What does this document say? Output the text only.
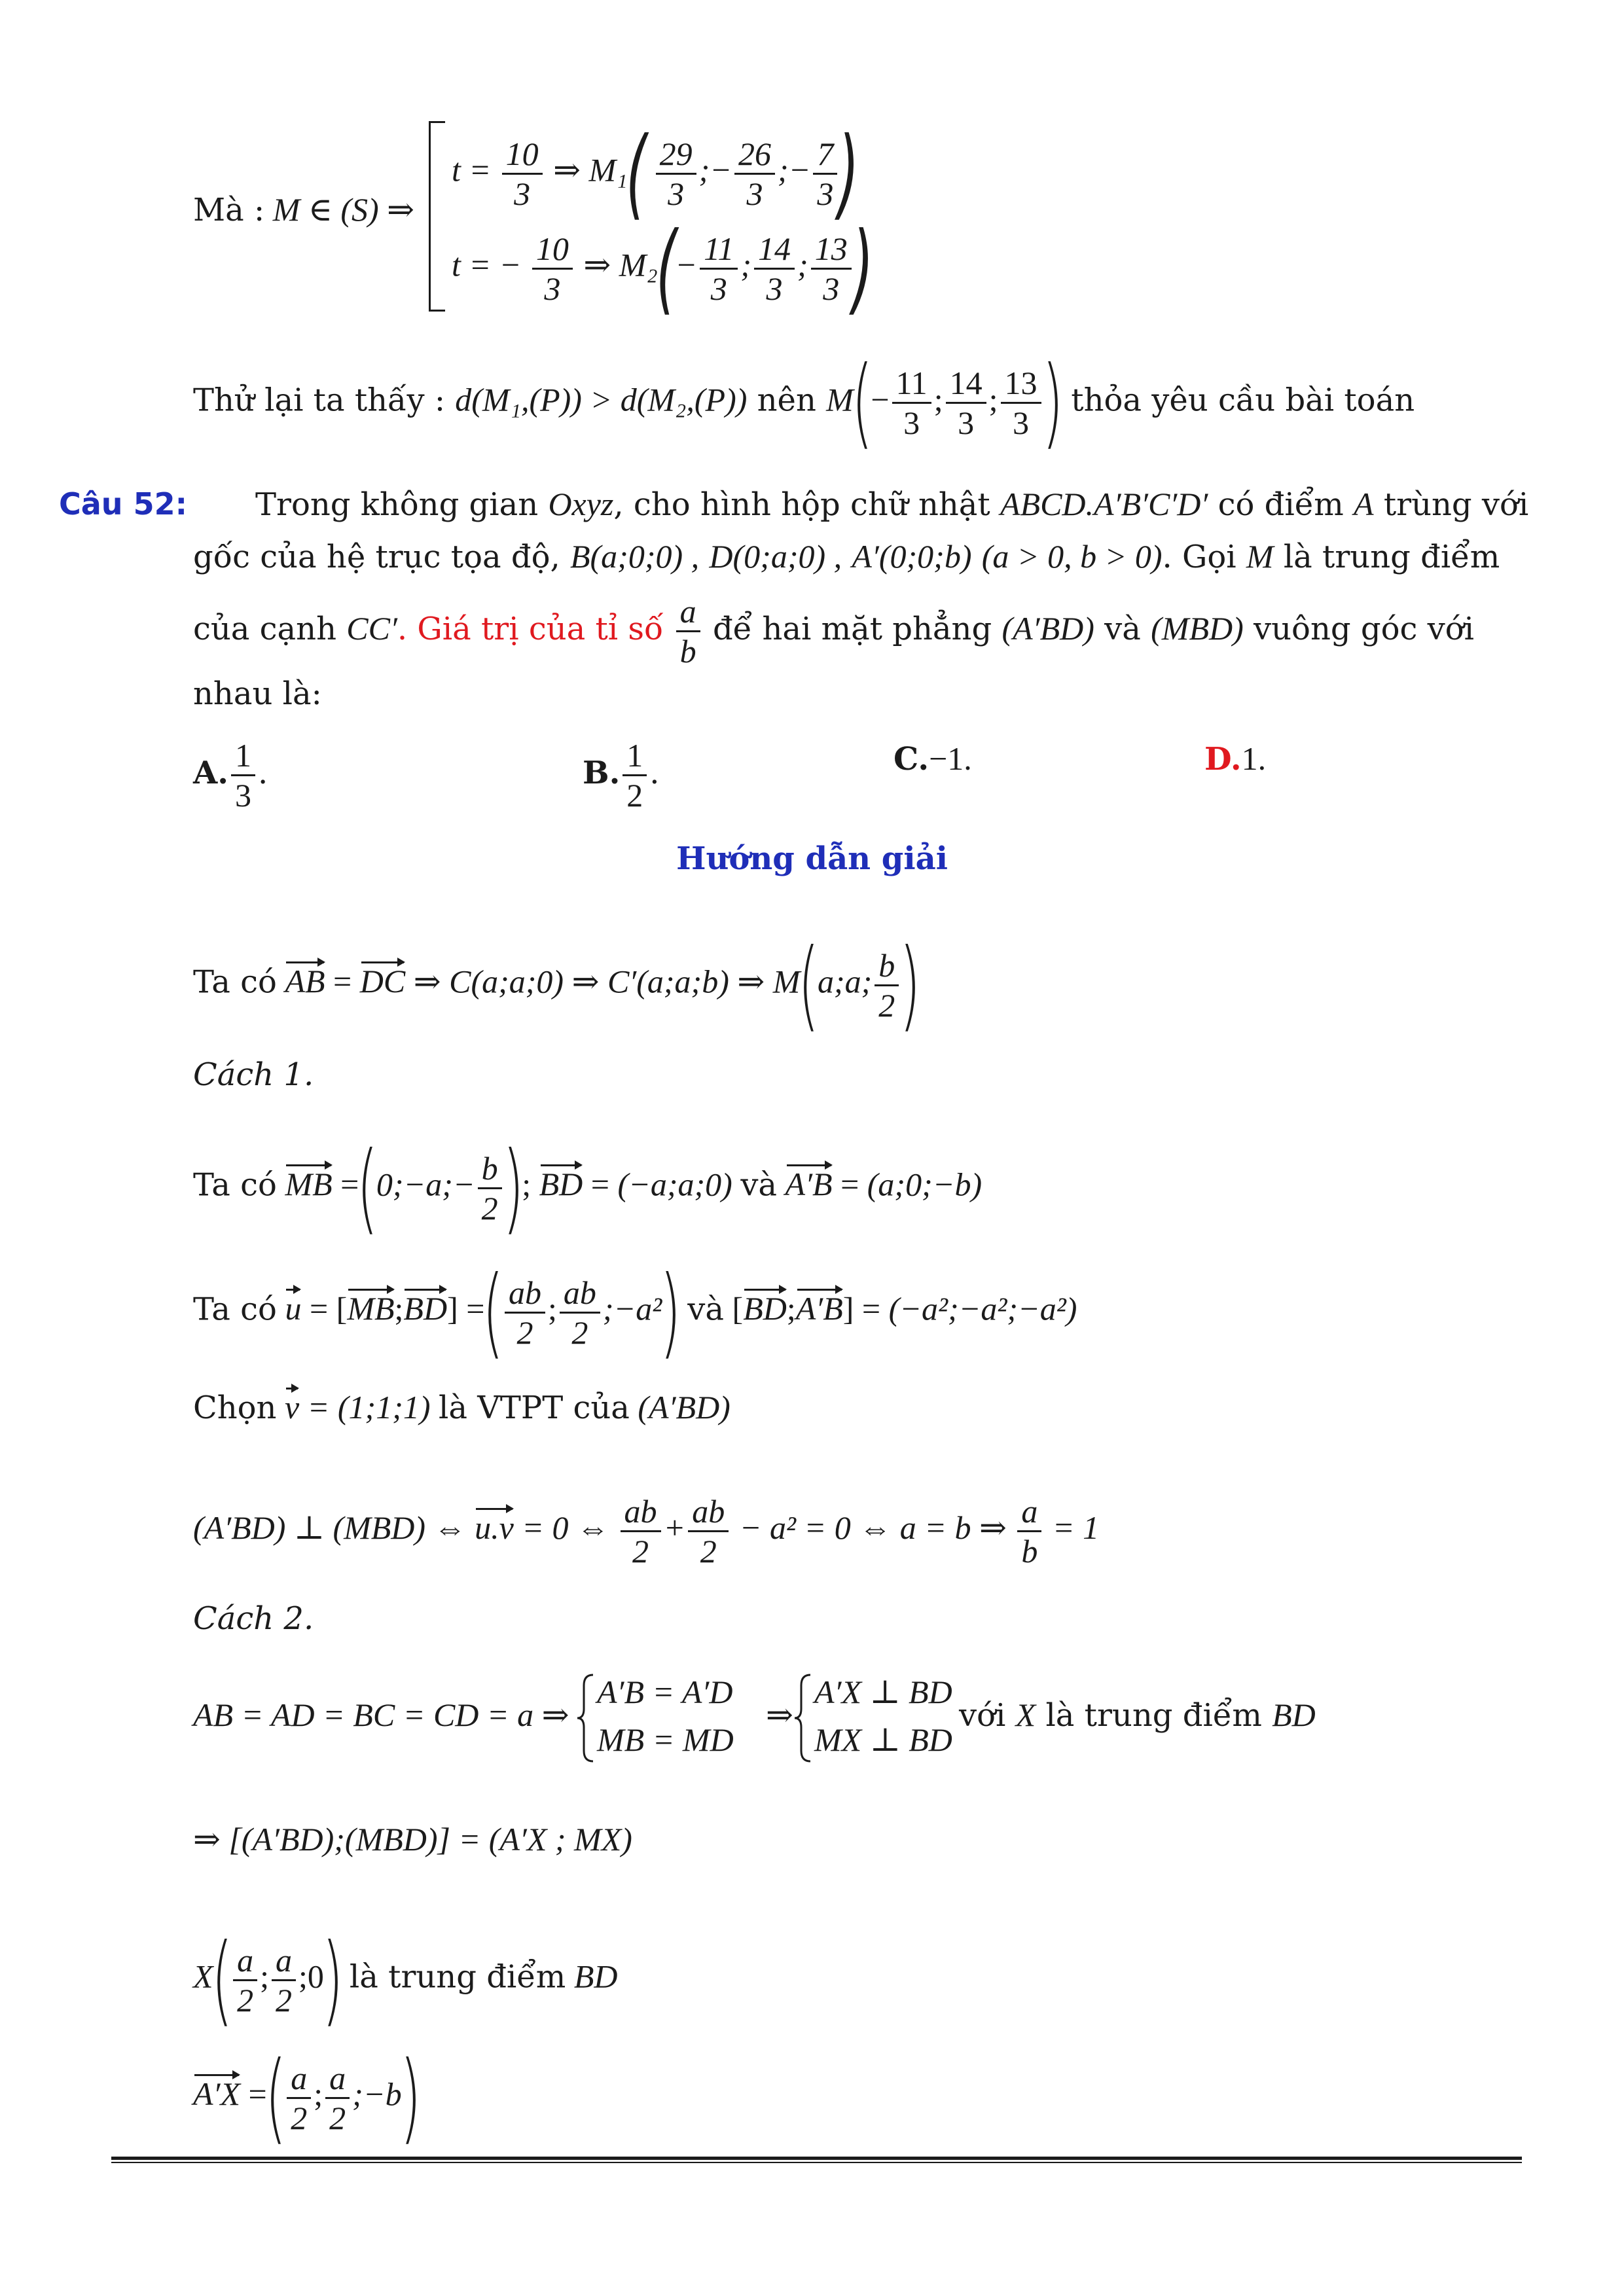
Mà : M ∈ (S) ⇒
$t = \frac{10}{3}$ ⇒ $M_1( \frac{29}{3}$ ;− $\frac{26}{3}$ ;− $\frac{7}{3}$ )
t = − $\frac{10}{3}$ ⇒ $M_2(- \frac{11}{3}$ ; $\frac{14}{3}$ ; $\frac{13}{3}$ )
Thử lại ta thấy : d(M₁,(P)) > d(M₂,(P)) nên $M(- \frac{11}{3}$ ; $\frac{14}{3}$ ; $\frac{13}{3}$ ) thỏa yêu cầu bài toán
Câu 52: Trong không gian Oxyz, cho hình hộp chữ nhật ABCD.A′B′C′D′ có điểm A trùng với
gốc của hệ trục tọa độ, B(a;0;0) , D(0;a;0) , A′(0;0;b) (a > 0, b > 0). Gọi M là trung điểm
của cạnh CC′. Giá trị của tỉ số $\frac{a}{b}$ để hai mặt phẳng (A′BD) và (MBD) vuông góc với
nhau là:
A. $\frac{1}{3}$ .	B. $\frac{1}{2}$ .	C.−1.	D.1.
Hướng dẫn giải
Ta có AB = DC ⇒ C(a;a;0) ⇒ C′(a;a;b) ⇒ M(a;a; $\frac{b}{2}$ )
Cách 1.
Ta có MB =(0;−a;− $\frac{b}{2}$ ); BD = (−a;a;0) và A′B = (a;0;−b)
Ta có u = [MB;BD] =( $\frac{ab}{2}$ ; $\frac{ab}{2}$ ;−a²) và [BD;A′B] = (−a²;−a²;−a²)
Chọn v = (1;1;1) là VTPT của (A′BD)
(A′BD) ⊥ (MBD) ⇔ u.v = 0 ⇔ $\frac{ab}{2} + \frac{ab}{2} - a^2 = 0$ ⇔ a = b ⇒ $\frac{a}{b} = 1$
Cách 2.
AB = AD = BC = CD = a ⇒
A′B = A′D
MB = MD
⇒
A′X ⊥ BD
MX ⊥ BD
với X là trung điểm BD
⇒ [(A′BD);(MBD)] = (A′X ; MX)
$X( \frac{a}{2}$ ; $\frac{a}{2}$ ;0) là trung điểm BD
A′X =( $\frac{a}{2}$ ; $\frac{a}{2}$ ;−b)
